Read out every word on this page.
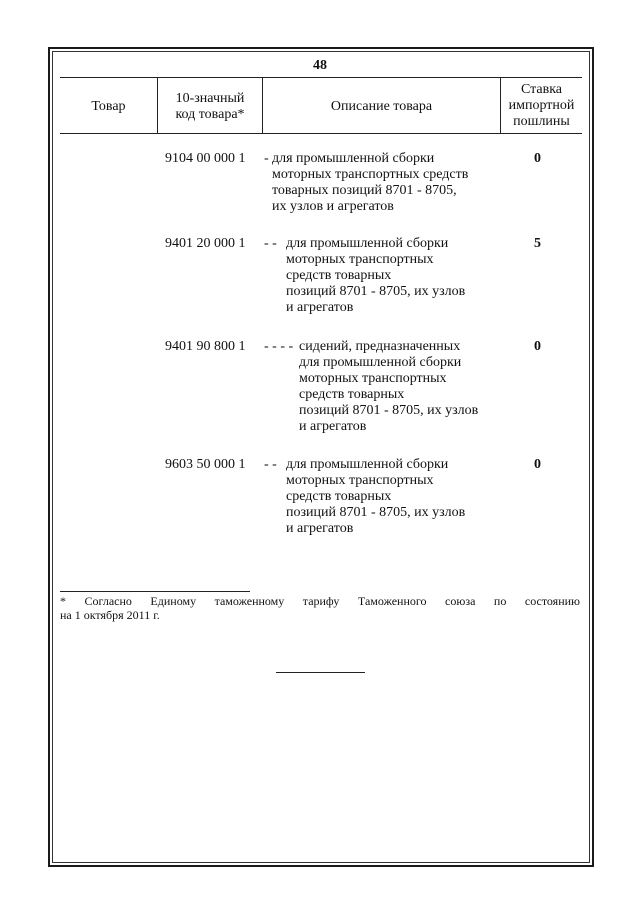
48
Товар
10-значный
код товара*
Описание товара
Ставка
импортной
пошлины
9104 00 000 1 - для промышленной сборки
моторных транспортных средств
товарных позиций 8701 - 8705,
их узлов и агрегатов
0
9401 20 000 1 - - для промышленной сборки
моторных транспортных
средств товарных
позиций 8701 - 8705, их узлов
и агрегатов
5
9401 90 800 1 - - - - сидений, предназначенных
для промышленной сборки
моторных транспортных
средств товарных
позиций 8701 - 8705, их узлов
и агрегатов
0
9603 50 000 1 - - для промышленной сборки
моторных транспортных
средств товарных
позиций 8701 - 8705, их узлов
и агрегатов
0
* Согласно Единому таможенному тарифу Таможенного союза по состоянию
на 1 октября 2011 г.
